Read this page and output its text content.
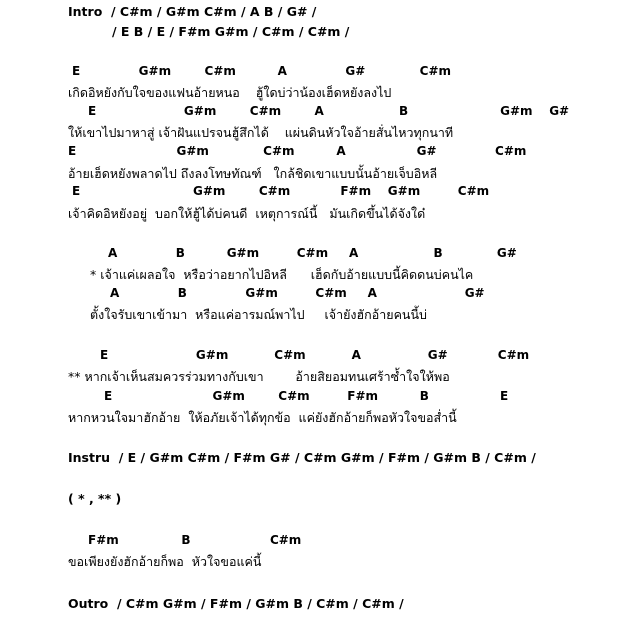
Intro  / C#m / G#m C#m / A B / G# /
/ E B / E / F#m G#m / C#m / C#m /
E              G#m        C#m          A              G#             C#m
เกิดอิหยังกับใจของแฟนอ้ายหนอ    ฮู้ใดบ่ว่าน้องเฮ็ดหยังลงไป
E                     G#m        C#m        A                  B                      G#m    G#
ให้เขาไปมาหาสู่ เจ้าฝันแปรจนฮู้สึกได้    แผ่นดินหัวใจอ้ายสั่นไหวทุกนาที
E                        G#m             C#m          A                 G#              C#m
อ้ายเฮ็ดหยังพลาดไป ถึงลงโทษทัณฑ์   ใกล้ชิดเขาแบบนั้นอ้ายเจ็บอิหลี
E                           G#m        C#m            F#m    G#m         C#m
เจ้าคิดอิหยังอยู่  บอกให้ฮู้ได้บ่คนดี  เหตุการณ์นี้   มันเกิดขึ้นได้จังใด๋
A              B          G#m         C#m     A                  B             G#
* เจ้าแค่เผลอใจ  หรือว่าอยากไปอิหลี      เฮ็ดกับอ้ายแบบนี้คิดดนบ่คนไค
A              B              G#m         C#m     A                     G#
ตั้งใจรับเขาเข้ามา  หรือแค่อารมณ์พาไป     เจ้ายังฮักอ้ายคนนี้บ่
E                     G#m           C#m           A                G#            C#m
** หากเจ้าเห็นสมควรร่วมทางกับเขา        อ้ายสิยอมทนเศร้าซ้ำใจให้พอ
E                        G#m        C#m         F#m          B                 E
หากหวนใจมาฮักอ้าย  ให้อภัยเจ้าได้ทุกข้อ  แค่ยังฮักอ้ายก็พอหัวใจขอส่ำนี้
Instru  / E / G#m C#m / F#m G# / C#m G#m / F#m / G#m B / C#m /
( * , ** )
F#m               B                   C#m
ขอเพียงยังฮักอ้ายก็พอ  หัวใจขอแค่นี้
Outro  / C#m G#m / F#m / G#m B / C#m / C#m /
